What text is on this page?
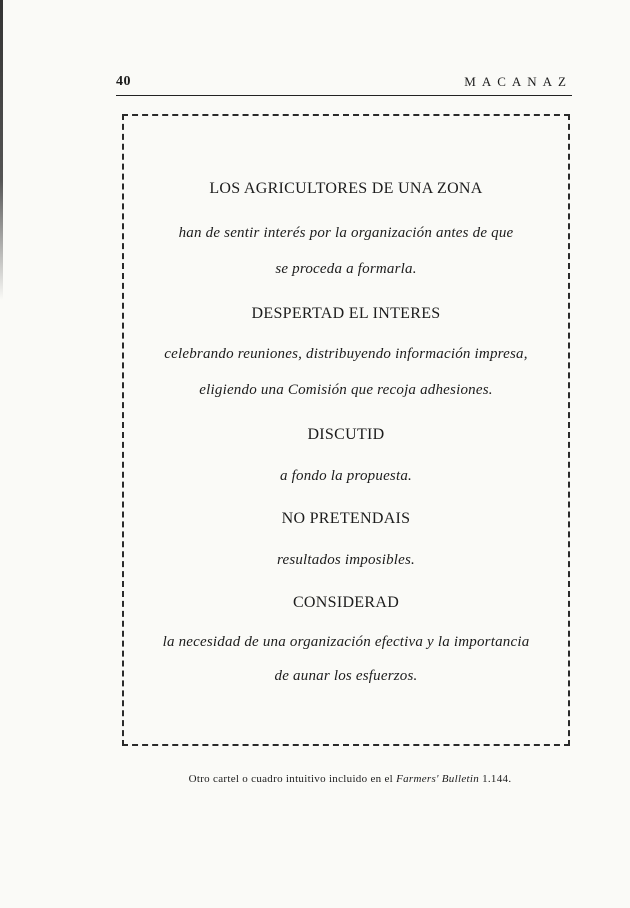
40	MACANAZ
LOS AGRICULTORES DE UNA ZONA
han de sentir interés por la organización antes de que
se proceda a formarla.
DESPERTAD EL INTERES
celebrando reuniones, distribuyendo información impresa,
eligiendo una Comisión que recoja adhesiones.
DISCUTID
a fondo la propuesta.
NO PRETENDAIS
resultados imposibles.
CONSIDERAD
la necesidad de una organización efectiva y la importancia
de aunar los esfuerzos.
Otro cartel o cuadro intuitivo incluido en el Farmers' Bulletin 1.144.
